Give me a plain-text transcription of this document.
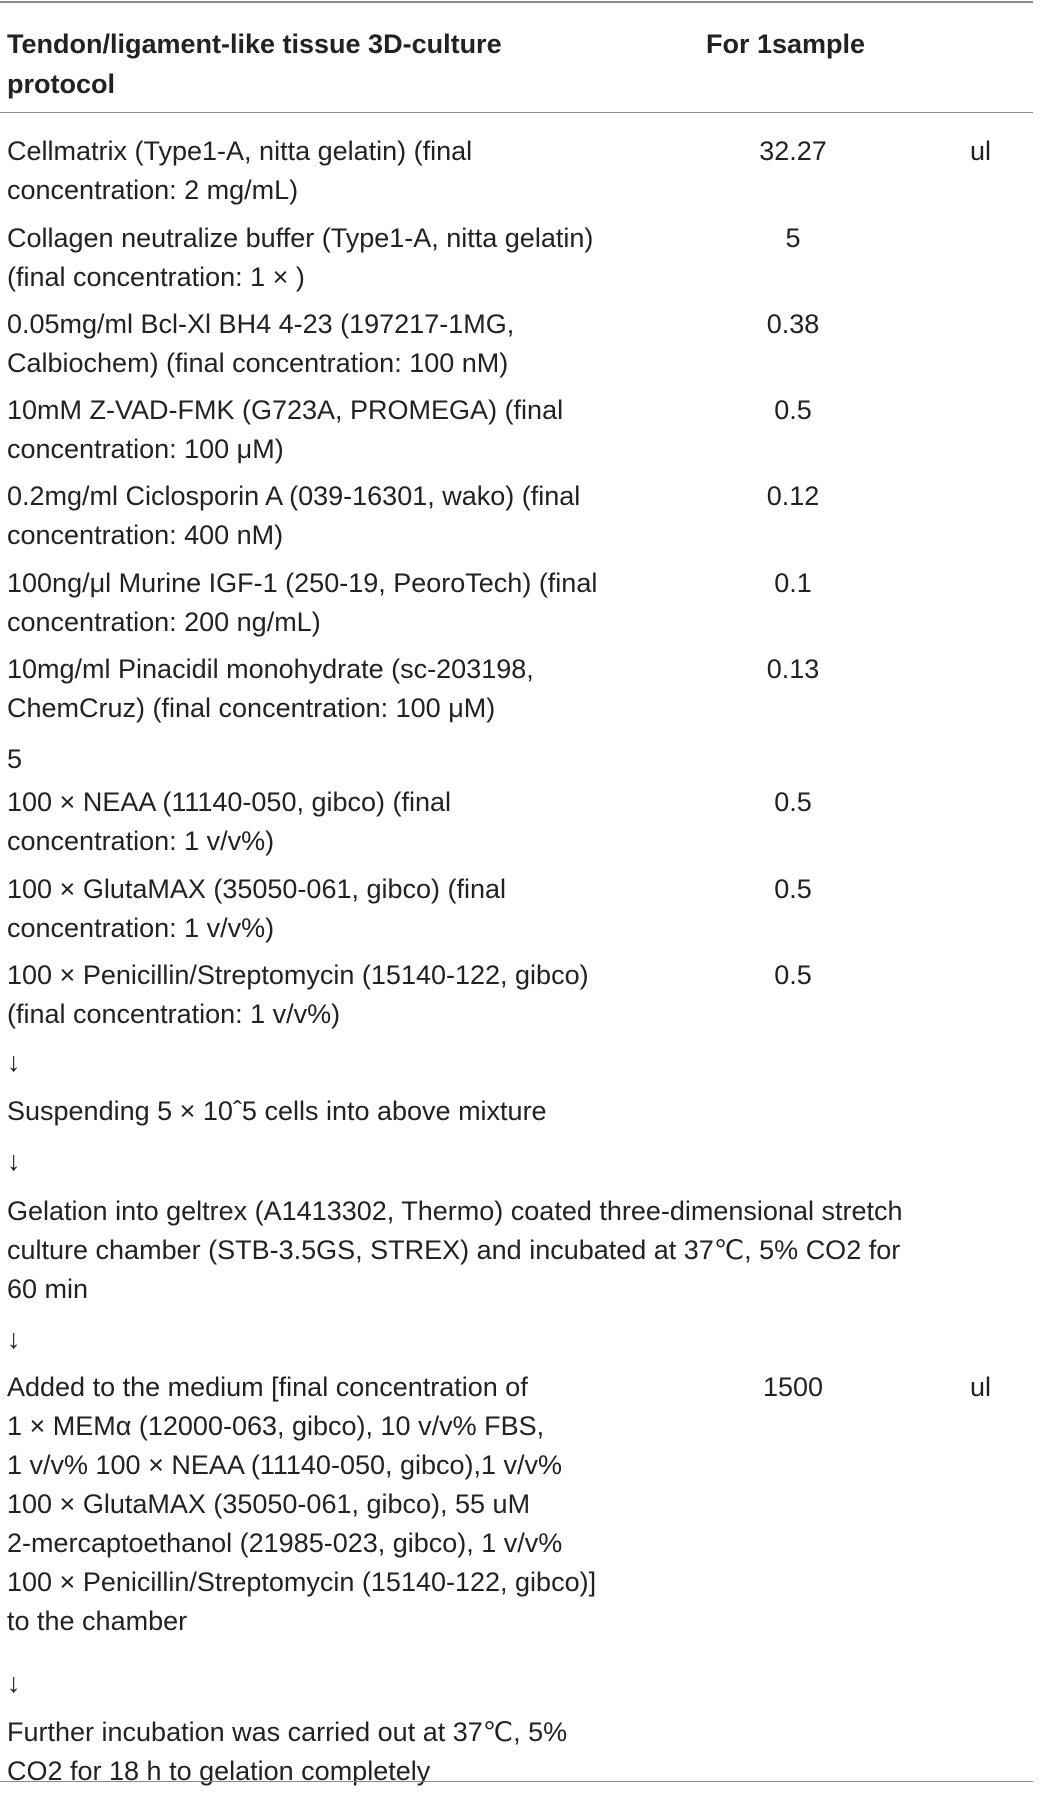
Tendon/ligament-like tissue 3D-culture
protocol
For 1sample
Cellmatrix (Type1-A, nitta gelatin) (final
concentration: 2 mg/mL)
32.27	ul
Collagen neutralize buffer (Type1-A, nitta gelatin)
(final concentration: 1 × )
5
0.05mg/ml Bcl-Xl BH4 4-23 (197217-1MG,
Calbiochem) (final concentration: 100 nM)
0.38
10mM Z-VAD-FMK (G723A, PROMEGA) (final
concentration: 100 μM)
0.5
0.2mg/ml Ciclosporin A (039-16301, wako) (final
concentration: 400 nM)
0.12
100ng/μl Murine IGF-1 (250-19, PeoroTech) (final
concentration: 200 ng/mL)
0.1
10mg/ml Pinacidil monohydrate (sc-203198,
ChemCruz) (final concentration: 100 μM)
0.13
5
100 × NEAA (11140-050, gibco) (final
concentration: 1 v/v%)
0.5
100 × GlutaMAX (35050-061, gibco) (final
concentration: 1 v/v%)
0.5
100 × Penicillin/Streptomycin (15140-122, gibco)
(final concentration: 1 v/v%)
0.5
↓
Suspending 5 × 10ˆ5 cells into above mixture
↓
Gelation into geltrex (A1413302, Thermo) coated three-dimensional stretch
culture chamber (STB-3.5GS, STREX) and incubated at 37℃, 5% CO2 for
60 min
↓
Added to the medium [final concentration of
1 × MEMα (12000-063, gibco), 10 v/v% FBS,
1 v/v% 100 × NEAA (11140-050, gibco),1 v/v%
100 × GlutaMAX (35050-061, gibco), 55 uM
2-mercaptoethanol (21985-023, gibco), 1 v/v%
100 × Penicillin/Streptomycin (15140-122, gibco)]
to the chamber
1500	ul
↓
Further incubation was carried out at 37℃, 5%
CO2 for 18 h to gelation completely
